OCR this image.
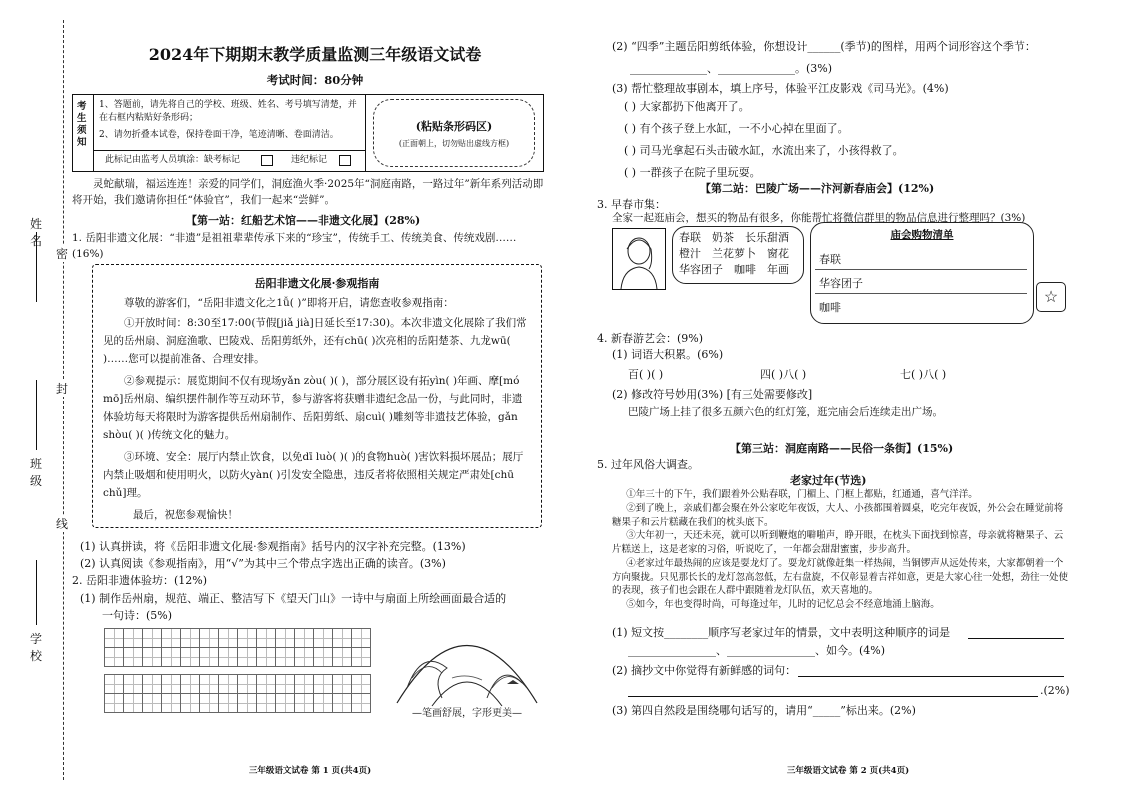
密
封
线
姓名
班级
学校
2024年下期期末教学质量监测三年级语文试卷
考试时间：80分钟
考生须知
1、答题前，请先将自己的学校、班级、姓名、考号填写清楚，并在右框内粘贴好条形码；
2、请勿折叠本试卷，保持卷面干净，笔迹清晰、卷面清洁。
此标记由监考人员填涂：缺考标记	违纪标记
(粘贴条形码区)
(正面朝上，切勿贴出虚线方框)
灵蛇献瑞，福运连连！亲爱的同学们，洞庭渔火季·2025年“洞庭南路，一路过年”新年系列活动即将开始，我们邀请你担任“体验官”，我们一起来“尝鲜”。
【第一站：红船艺术馆——非遗文化展】(28%)
1. 岳阳非遗文化展：“非遗”是祖祖辈辈传承下来的“珍宝”，传统手工、传统美食、传统戏剧……(16%)
岳阳非遗文化展·参观指南
尊敬的游客们，“岳阳非遗文化之1ǚ( )”即将开启，请您查收参观指南：
①开放时间：8:30至17:00(节假[jiǎ jià]日延长至17:30)。本次非遗文化展除了我们常见的岳州扇、洞庭渔歌、巴陵戏、岳阳剪纸外，还有chū( )次亮相的岳阳楚茶、九龙wū( )……您可以提前准备、合理安排。
②参观提示：展览期间不仅有现场yǎn zòu( )( )，部分展区设有拓yìn( )年画、摩[mó mō]岳州扇、编织摆件制作等互动环节，参与游客将获赠非遗纪念品一份，与此同时，非遗体验坊每天将限时为游客提供岳州扇制作、岳阳剪纸、扇cuì( )雕刻等非遗技艺体验，gǎn shòu( )( )传统文化的魅力。
③环境、安全：展厅内禁止饮食，以免dī luò( )( )的食物huò( )害饮料损坏展品；展厅内禁止吸烟和使用明火，以防火yàn( )引发安全隐患，违反者将依照相关规定严肃处[chū chǔ]理。
最后，祝您参观愉快！
(1) 认真拼读，将《岳阳非遗文化展·参观指南》括号内的汉字补充完整。(13%)
(2) 认真阅读《参观指南》，用“√”为其中三个带点字选出正确的读音。(3%)
2. 岳阳非遗体验坊：(12%)
(1) 制作岳州扇，规范、端正、整洁写下《望天门山》一诗中与扇面上所绘画面最合适的
一句诗：(5%)
—笔画舒展，字形更美—
三年级语文试卷 第 1 页(共4页)
(2) “四季”主题岳阳剪纸体验，你想设计______(季节)的图样，用两个词形容这个季节：
______________、______________。(3%)
(3) 帮忙整理故事剧本，填上序号，体验平江皮影戏《司马光》。(4%)
( ) 大家都扔下他离开了。
( ) 有个孩子登上水缸，一不小心掉在里面了。
( ) 司马光拿起石头击破水缸，水流出来了，小孩得救了。
( ) 一群孩子在院子里玩耍。
【第二站：巴陵广场——汴河新春庙会】(12%)
3. 早春市集：
全家一起逛庙会，想买的物品有很多，你能帮忙将微信群里的物品信息进行整理吗？(3%)
春联　 奶茶　 长乐甜酒
橙汁　 兰花萝卜　 窗花
华容团子　 咖啡　 年画
庙会购物清单
春联
华容团子
咖啡
☆
4. 新春游艺会：(9%)
(1) 词语大积累。(6%)
百( )( )	四( )八( )	七( )八( )
(2) 修改符号妙用(3%) [有三处需要修改]
巴陵广场上挂了很多五颜六色的红灯笼，逛完庙会后连续走出广场。
【第三站：洞庭南路——民俗一条街】(15%)
5. 过年风俗大调查。
老家过年(节选)
①年三十的下午，我们跟着外公贴春联，门楣上、门框上都贴，红通通，喜气洋洋。
②到了晚上，亲戚们都会聚在外公家吃年夜饭，大人、小孩都围着圆桌，吃完年夜饭，外公会在睡觉前将糖果子和云片糕藏在我们的枕头底下。
③大年初一，天还未亮，就可以听到鞭炮的噼啪声，睁开眼，在枕头下面找到惊喜，母亲就将糖果子、云片糕送上，这是老家的习俗，听说吃了，一年都会甜甜蜜蜜，步步高升。
④老家过年最热闹的应该是耍龙灯了。耍龙灯就像赶集一样热闹，当铜锣声从远处传来，大家都朝着一个方向聚拢。只见那长长的龙灯忽高忽低，左右盘旋，不仅彰显着吉祥如意，更是大家心往一处想，劲往一处使的表现，孩子们也会跟在人群中跟随着龙灯队伍，欢天喜地的。
⑤如今，年也变得时尚，可每逢过年，儿时的记忆总会不经意地涌上脑海。
(1) 短文按________顺序写老家过年的情景，文中表明这种顺序的词是
________________、________________、如今。(4%)
(2) 摘抄文中你觉得有新鲜感的词句：
.(2%)
(3) 第四自然段是围绕哪句话写的，请用“_____”标出来。(2%)
三年级语文试卷 第 2 页(共4页)
